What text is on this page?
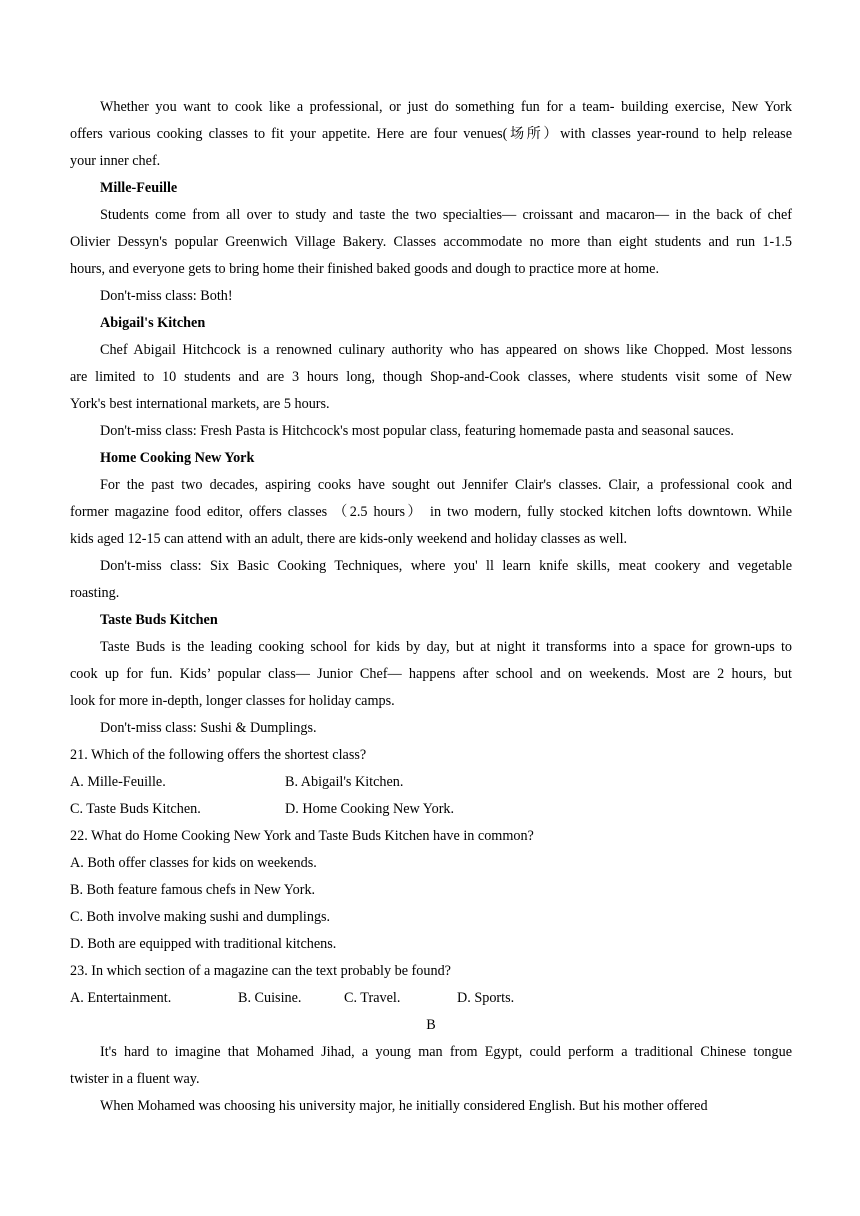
Whether you want to cook like a professional, or just do something fun for a team- building exercise, New York

offers various cooking classes to fit your appetite. Here are four venues(场所）with classes year-round to help release

your inner chef.

Mille-Feuille

Students come from all over to study and taste the two specialties— croissant and macaron— in the back of chef

Olivier Dessyn's popular Greenwich Village Bakery. Classes accommodate no more than eight students and run 1-1.5

hours, and everyone gets to bring home their finished baked goods and dough to practice more at home.

Don't-miss class: Both!

Abigail's Kitchen

Chef Abigail Hitchcock is a renowned culinary authority who has appeared on shows like Chopped. Most lessons

are limited to 10 students and are 3 hours long, though Shop-and-Cook classes, where students visit some of New

York's best international markets, are 5 hours.

Don't-miss class: Fresh Pasta is Hitchcock's most popular class, featuring homemade pasta and seasonal sauces.

Home Cooking New York

For the past two decades, aspiring cooks have sought out Jennifer Clair's classes. Clair, a professional cook and

former magazine food editor, offers classes （2.5 hours） in two modern, fully stocked kitchen lofts downtown. While

kids aged 12-15 can attend with an adult, there are kids-only weekend and holiday classes as well.

Don't-miss class: Six Basic Cooking Techniques, where you' ll learn knife skills, meat cookery and vegetable

roasting.

Taste Buds Kitchen

Taste Buds is the leading cooking school for kids by day, but at night it transforms into a space for grown-ups to

cook up for fun. Kids’ popular class— Junior Chef— happens after school and on weekends. Most are 2 hours, but

look for more in-depth, longer classes for holiday camps.

Don't-miss class: Sushi & Dumplings.

21. Which of the following offers the shortest class?

A. Mille-Feuille.	B. Abigail's Kitchen.
C. Taste Buds Kitchen.	D. Home Cooking New York.

22. What do Home Cooking New York and Taste Buds Kitchen have in common?

A. Both offer classes for kids on weekends.

B. Both feature famous chefs in New York.

C. Both involve making sushi and dumplings.

D. Both are equipped with traditional kitchens.

23. In which section of a magazine can the text probably be found?

A. Entertainment.	B. Cuisine.	C. Travel.	D. Sports.

B

It's hard to imagine that Mohamed Jihad, a young man from Egypt, could perform a traditional Chinese tongue

twister in a fluent way.

When Mohamed was choosing his university major, he initially considered English. But his mother offered
